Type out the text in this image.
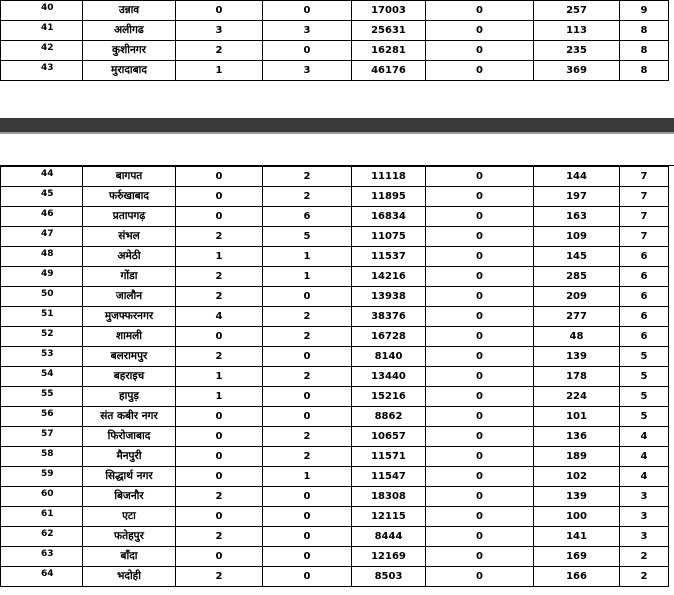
40	उन्नाव	0	0	17003	0	257	9
41	अलीगढ	3	3	25631	0	113	8
42	कुशीनगर	2	0	16281	0	235	8
43	मुरादाबाद	1	3	46176	0	369	8
44	बागपत	0	2	11118	0	144	7
45	फर्रुखाबाद	0	2	11895	0	197	7
46	प्रतापगढ़	0	6	16834	0	163	7
47	संभल	2	5	11075	0	109	7
48	अमेठी	1	1	11537	0	145	6
49	गोंडा	2	1	14216	0	285	6
50	जालौन	2	0	13938	0	209	6
51	मुजफ्फरनगर	4	2	38376	0	277	6
52	शामली	0	2	16728	0	48	6
53	बलरामपुर	2	0	8140	0	139	5
54	बहराइच	1	2	13440	0	178	5
55	हापुड़	1	0	15216	0	224	5
56	संत कबीर नगर	0	0	8862	0	101	5
57	फिरोजाबाद	0	2	10657	0	136	4
58	मैनपुरी	0	2	11571	0	189	4
59	सिद्धार्थ नगर	0	1	11547	0	102	4
60	बिजनौर	2	0	18308	0	139	3
61	एटा	0	0	12115	0	100	3
62	फतेहपुर	2	0	8444	0	141	3
63	बाँदा	0	0	12169	0	169	2
64	भदोही	2	0	8503	0	166	2
